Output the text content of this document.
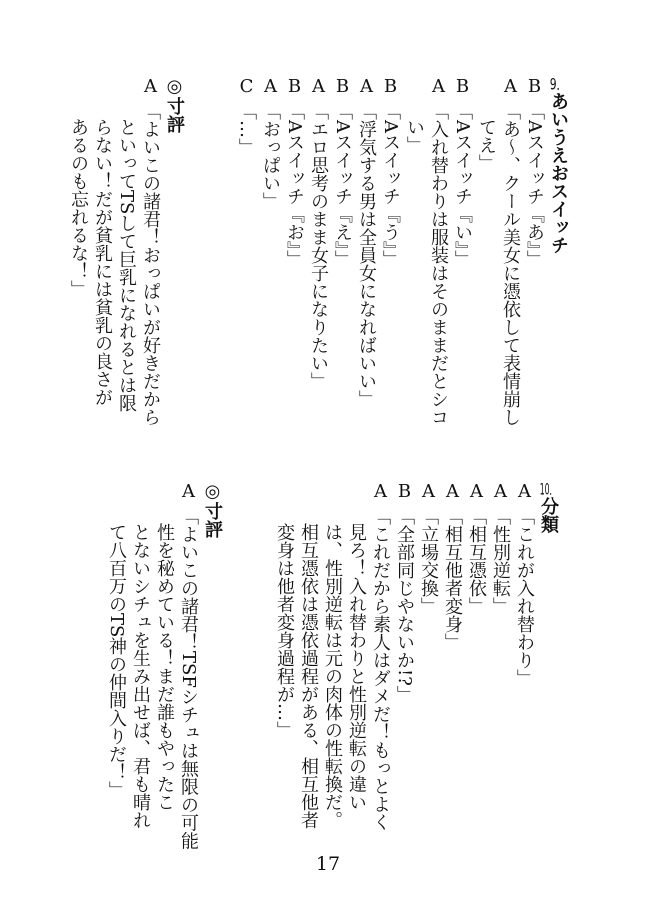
9．あいうえおスイッチ
B「Aスイッチ『あ』」
A「あ〜、クール美女に憑依して表情崩し
てえ」
B「Aスイッチ『い』」
A「入れ替わりは服装はそのままだとシコ
い」
B「Aスイッチ『う』」
A「浮気する男は全員女になればいい」
B「Aスイッチ『え』」
A「エロ思考のまま女子になりたい」
B「Aスイッチ『お』」
A「おっぱい」
C「…」
◎寸評
A「よいこの諸君！おっぱいが好きだから
といってTSして巨乳になれるとは限
らない！だが貧乳には貧乳の良さが
あるのも忘れるな！」
10．分類
A「これが入れ替わり」
A「性別逆転」
A「相互憑依」
A「相互他者変身」
A「立場交換」
B「全部同じやないか!?」
A「これだから素人はダメだ！もっとよく
見ろ！入れ替わりと性別逆転の違い
は、性別逆転は元の肉体の性転換だ。
相互憑依は憑依過程がある、相互他者
変身は他者変身過程が…」
◎寸評
A「よいこの諸君！TSFシチュは無限の可能
性を秘めている！まだ誰もやったこ
とないシチュを生み出せば、君も晴れ
て八百万のTS神の仲間入りだ！」
17
